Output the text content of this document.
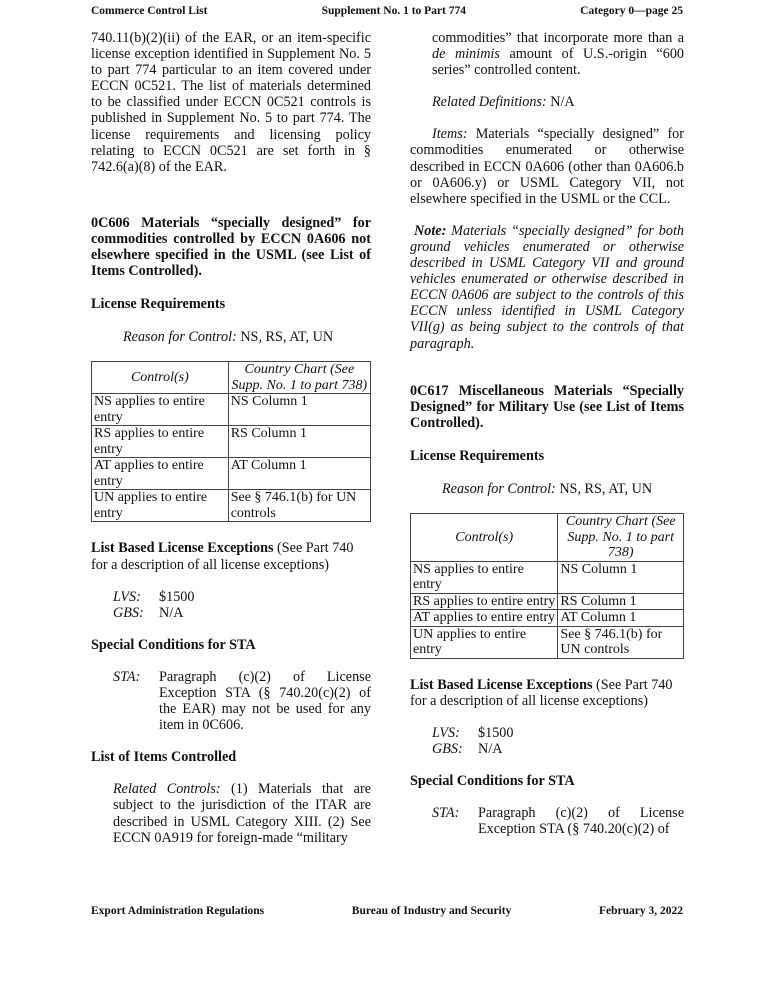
Commerce Control List	Supplement No. 1 to Part 774	Category 0—page 25

740.11(b)(2)(ii) of the EAR, or an item-specific license exception identified in Supplement No. 5 to part 774 particular to an item covered under ECCN 0C521. The list of materials determined to be classified under ECCN 0C521 controls is published in Supplement No. 5 to part 774. The license requirements and licensing policy relating to ECCN 0C521 are set forth in § 742.6(a)(8) of the EAR.

0C606 Materials “specially designed” for commodities controlled by ECCN 0A606 not elsewhere specified in the USML (see List of Items Controlled).

License Requirements

Reason for Control: NS, RS, AT, UN

Control(s)	Country Chart (See Supp. No. 1 to part 738)
NS applies to entire entry	NS Column 1
RS applies to entire entry	RS Column 1
AT applies to entire entry	AT Column 1
UN applies to entire entry	See § 746.1(b) for UN controls

List Based License Exceptions (See Part 740 for a description of all license exceptions)

LVS:	$1500
GBS:	N/A

Special Conditions for STA

STA:	Paragraph (c)(2) of License Exception STA (§ 740.20(c)(2) of the EAR) may not be used for any item in 0C606.

List of Items Controlled

Related Controls: (1) Materials that are subject to the jurisdiction of the ITAR are described in USML Category XIII. (2) See ECCN 0A919 for foreign-made “military

commodities” that incorporate more than a de minimis amount of U.S.-origin “600 series” controlled content.

Related Definitions: N/A

Items: Materials “specially designed” for commodities enumerated or otherwise described in ECCN 0A606 (other than 0A606.b or 0A606.y) or USML Category VII, not elsewhere specified in the USML or the CCL.

Note: Materials “specially designed” for both ground vehicles enumerated or otherwise described in USML Category VII and ground vehicles enumerated or otherwise described in ECCN 0A606 are subject to the controls of this ECCN unless identified in USML Category VII(g) as being subject to the controls of that paragraph.

0C617 Miscellaneous Materials “Specially Designed” for Military Use (see List of Items Controlled).

License Requirements

Reason for Control: NS, RS, AT, UN

Control(s)	Country Chart (See Supp. No. 1 to part 738)
NS applies to entire entry	NS Column 1
RS applies to entire entry	RS Column 1
AT applies to entire entry	AT Column 1
UN applies to entire entry	See § 746.1(b) for UN controls

List Based License Exceptions (See Part 740 for a description of all license exceptions)

LVS:	$1500
GBS:	N/A

Special Conditions for STA

STA:	Paragraph (c)(2) of License Exception STA (§ 740.20(c)(2) of
Export Administration Regulations	Bureau of Industry and Security	February 3, 2022
